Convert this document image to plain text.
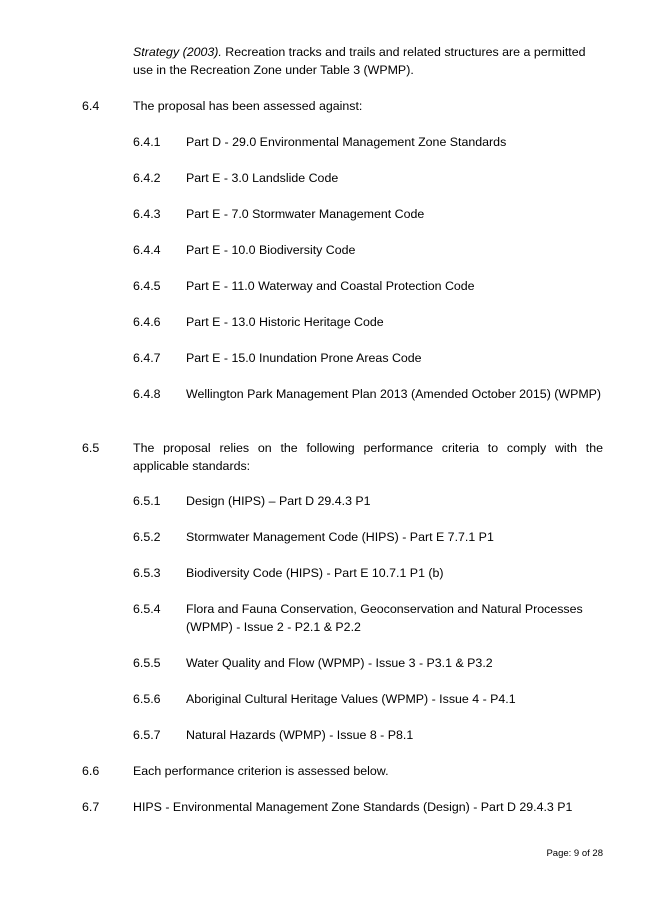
Strategy (2003). Recreation tracks and trails and related structures are a permitted use in the Recreation Zone under Table 3 (WPMP).

6.4	The proposal has been assessed against:
6.4.1 Part D - 29.0 Environmental Management Zone Standards
6.4.2 Part E - 3.0 Landslide Code
6.4.3 Part E - 7.0 Stormwater Management Code
6.4.4 Part E - 10.0 Biodiversity Code
6.4.5 Part E - 11.0 Waterway and Coastal Protection Code
6.4.6 Part E - 13.0 Historic Heritage Code
6.4.7 Part E - 15.0 Inundation Prone Areas Code
6.4.8 Wellington Park Management Plan 2013 (Amended October 2015) (WPMP)
6.5	The proposal relies on the following performance criteria to comply with the applicable standards:
6.5.1 Design (HIPS) – Part D 29.4.3 P1
6.5.2 Stormwater Management Code (HIPS) - Part E 7.7.1 P1
6.5.3 Biodiversity Code (HIPS) - Part E 10.7.1 P1 (b)
6.5.4 Flora and Fauna Conservation, Geoconservation and Natural Processes (WPMP) - Issue 2 - P2.1 & P2.2
6.5.5 Water Quality and Flow (WPMP) - Issue 3 - P3.1 & P3.2
6.5.6 Aboriginal Cultural Heritage Values (WPMP) - Issue 4 - P4.1
6.5.7 Natural Hazards (WPMP) - Issue 8 - P8.1
6.6	Each performance criterion is assessed below.
6.7	HIPS - Environmental Management Zone Standards (Design) - Part D 29.4.3 P1
Page: 9 of 28
